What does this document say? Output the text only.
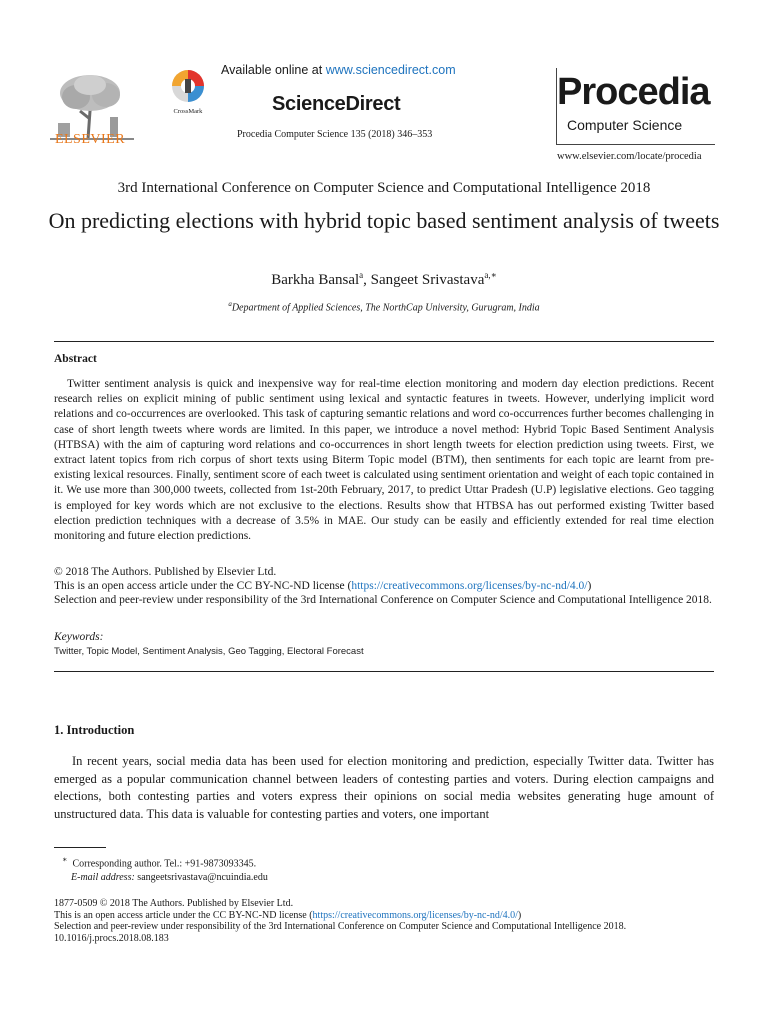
ELSEVIER
CrossMark
Available online at www.sciencedirect.com
ScienceDirect
Procedia Computer Science 135 (2018) 346–353
Procedia
Computer Science
www.elsevier.com/locate/procedia
3rd International Conference on Computer Science and Computational Intelligence 2018
On predicting elections with hybrid topic based sentiment analysis of tweets
Barkha Bansal$^a$, Sangeet Srivastava$^{a,∗}$
$^a$Department of Applied Sciences, The NorthCap University, Gurugram, India
Abstract
Twitter sentiment analysis is quick and inexpensive way for real-time election monitoring and modern day election predictions. Recent research relies on explicit mining of public sentiment using lexical and syntactic features in tweets. However, underlying implicit word relations and co-occurrences are overlooked. This task of capturing semantic relations and word co-occurrences further becomes challenging in case of short length tweets where words are limited. In this paper, we introduce a novel method: Hybrid Topic Based Sentiment Analysis (HTBSA) with the aim of capturing word relations and co-occurrences in short length tweets for election prediction using tweets. First, we extract latent topics from rich corpus of short texts using Biterm Topic model (BTM), then sentiments for each topic are learnt from pre-existing lexical resources. Finally, sentiment score of each tweet is calculated using sentiment orientation and weight of each topic contained in it. We use more than 300,000 tweets, collected from 1st-20th February, 2017, to predict Uttar Pradesh (U.P) legislative elections. Geo tagging is employed for key words which are not exclusive to the elections. Results show that HTBSA has out performed existing Twitter based election prediction techniques with a decrease of 3.5% in MAE. Our study can be easily and efficiently extended for real time election monitoring and future election predictions.
© 2018 The Authors. Published by Elsevier Ltd.
This is an open access article under the CC BY-NC-ND license (https://creativecommons.org/licenses/by-nc-nd/4.0/)
Selection and peer-review under responsibility of the 3rd International Conference on Computer Science and Computational Intelligence 2018.
Keywords:
Twitter, Topic Model, Sentiment Analysis, Geo Tagging, Electoral Forecast
1. Introduction
In recent years, social media data has been used for election monitoring and prediction, especially Twitter data. Twitter has emerged as a popular communication channel between leaders of contesting parties and voters. During election campaigns and elections, both contesting parties and voters express their opinions on social media websites generating huge amount of unstructured data. This data is valuable for contesting parties and voters, one important
∗ Corresponding author. Tel.: +91-9873093345.
E-mail address: sangeetsrivastava@ncuindia.edu
1877-0509 © 2018 The Authors. Published by Elsevier Ltd.
This is an open access article under the CC BY-NC-ND license (https://creativecommons.org/licenses/by-nc-nd/4.0/)
Selection and peer-review under responsibility of the 3rd International Conference on Computer Science and Computational Intelligence 2018.
10.1016/j.procs.2018.08.183
